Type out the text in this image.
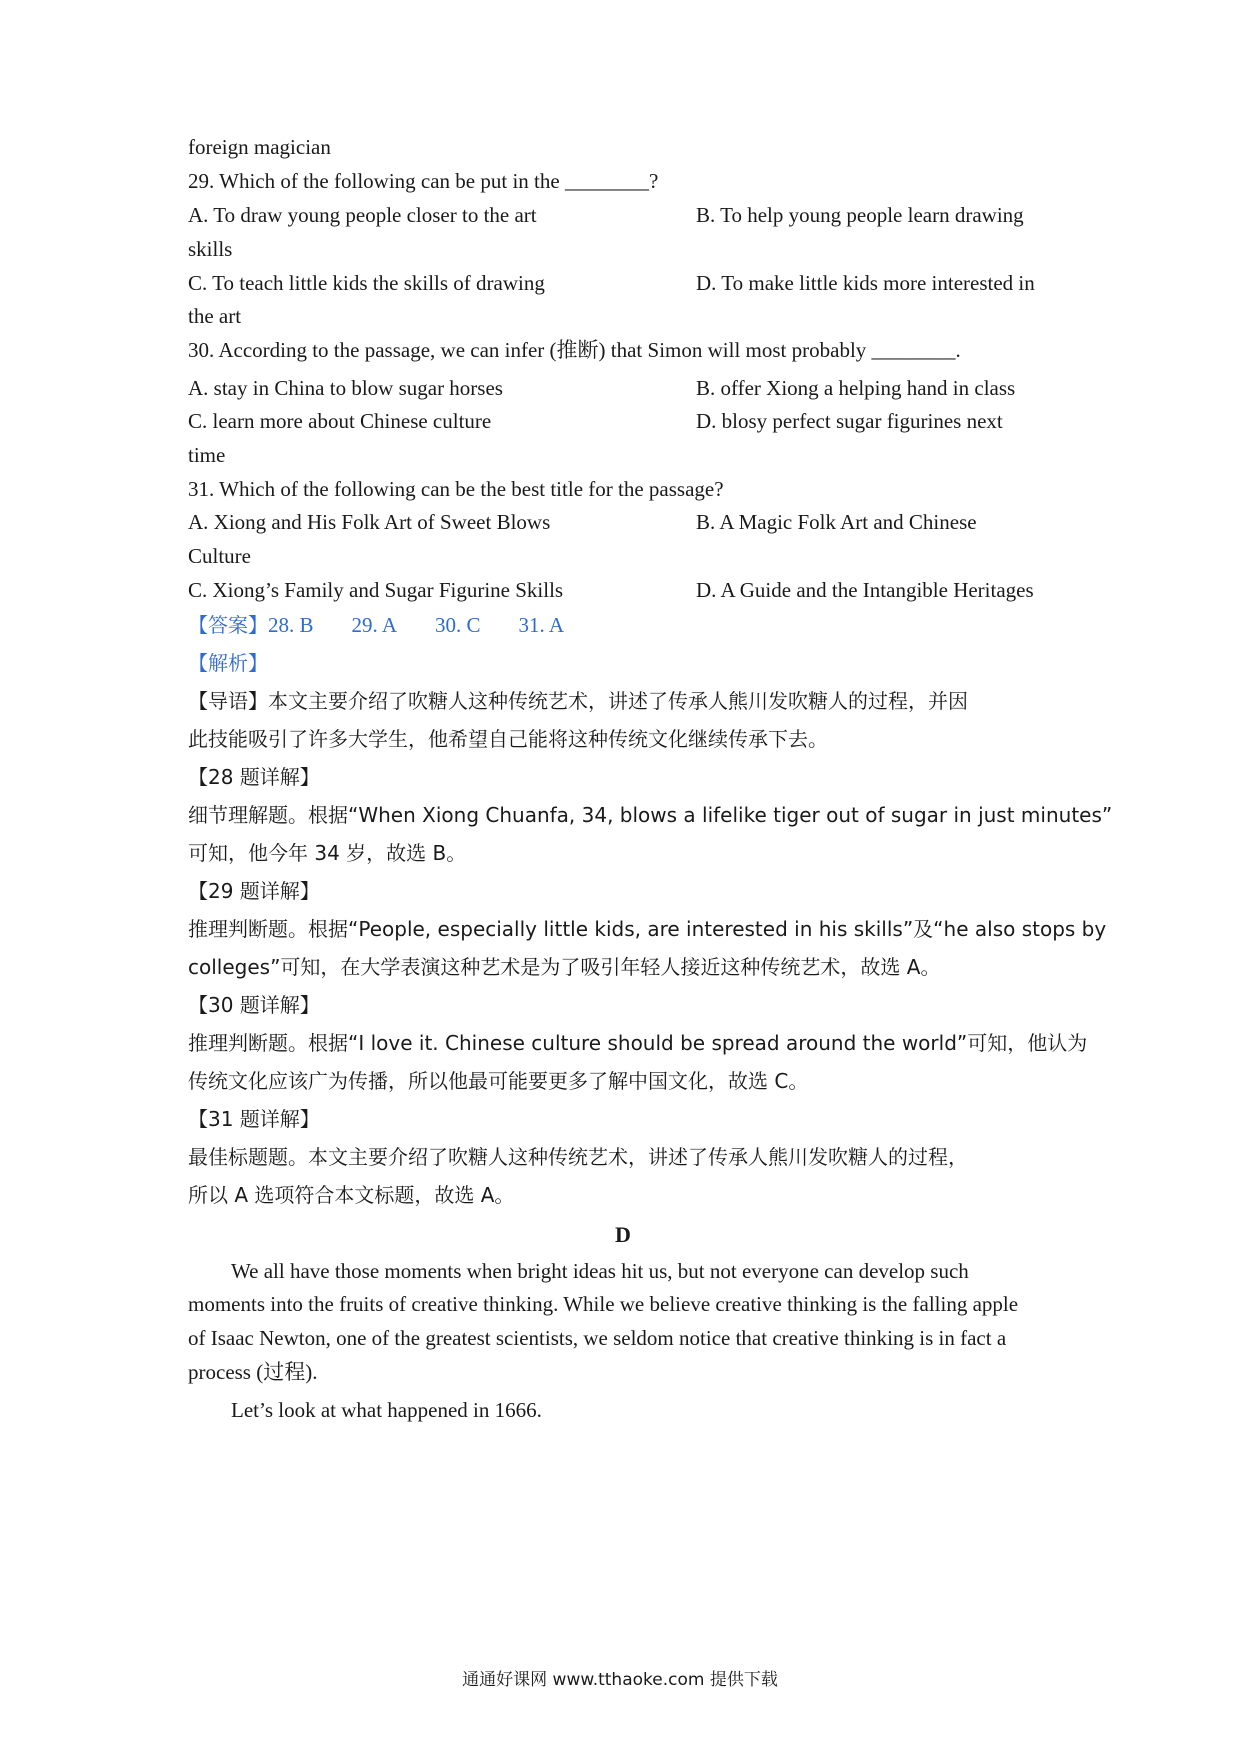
foreign magician
29. Which of the following can be put in the ________?
A. To draw young people closer to the art	B. To help young people learn drawing
skills
C. To teach little kids the skills of drawing	D. To make little kids more interested in
the art
30. According to the passage, we can infer (推断) that Simon will most probably ________.
A. stay in China to blow sugar horses	B. offer Xiong a helping hand in class
C. learn more about Chinese culture	D. blosy perfect sugar figurines next
time
31. Which of the following can be the best title for the passage?
A. Xiong and His Folk Art of Sweet Blows	B. A Magic Folk Art and Chinese
Culture
C. Xiong’s Family and Sugar Figurine Skills	D. A Guide and the Intangible Heritages
【答案】28. B 29. A 30. C 31. A
【解析】
【导语】本文主要介绍了吹糖人这种传统艺术，讲述了传承人熊川发吹糖人的过程，并因
此技能吸引了许多大学生，他希望自己能将这种传统文化继续传承下去。
【28 题详解】
细节理解题。根据“When Xiong Chuanfa, 34, blows a lifelike tiger out of sugar in just minutes”
可知，他今年 34 岁，故选 B。
【29 题详解】
推理判断题。根据“People, especially little kids, are interested in his skills”及“he also stops by
colleges”可知，在大学表演这种艺术是为了吸引年轻人接近这种传统艺术，故选 A。
【30 题详解】
推理判断题。根据“I love it. Chinese culture should be spread around the world”可知，他认为
传统文化应该广为传播，所以他最可能要更多了解中国文化，故选 C。
【31 题详解】
最佳标题题。本文主要介绍了吹糖人这种传统艺术，讲述了传承人熊川发吹糖人的过程，
所以 A 选项符合本文标题，故选 A。
D
We all have those moments when bright ideas hit us, but not everyone can develop such
moments into the fruits of creative thinking. While we believe creative thinking is the falling apple
of Isaac Newton, one of the greatest scientists, we seldom notice that creative thinking is in fact a
process (过程).
Let’s look at what happened in 1666.
通通好课网 www.tthaoke.com 提供下载
